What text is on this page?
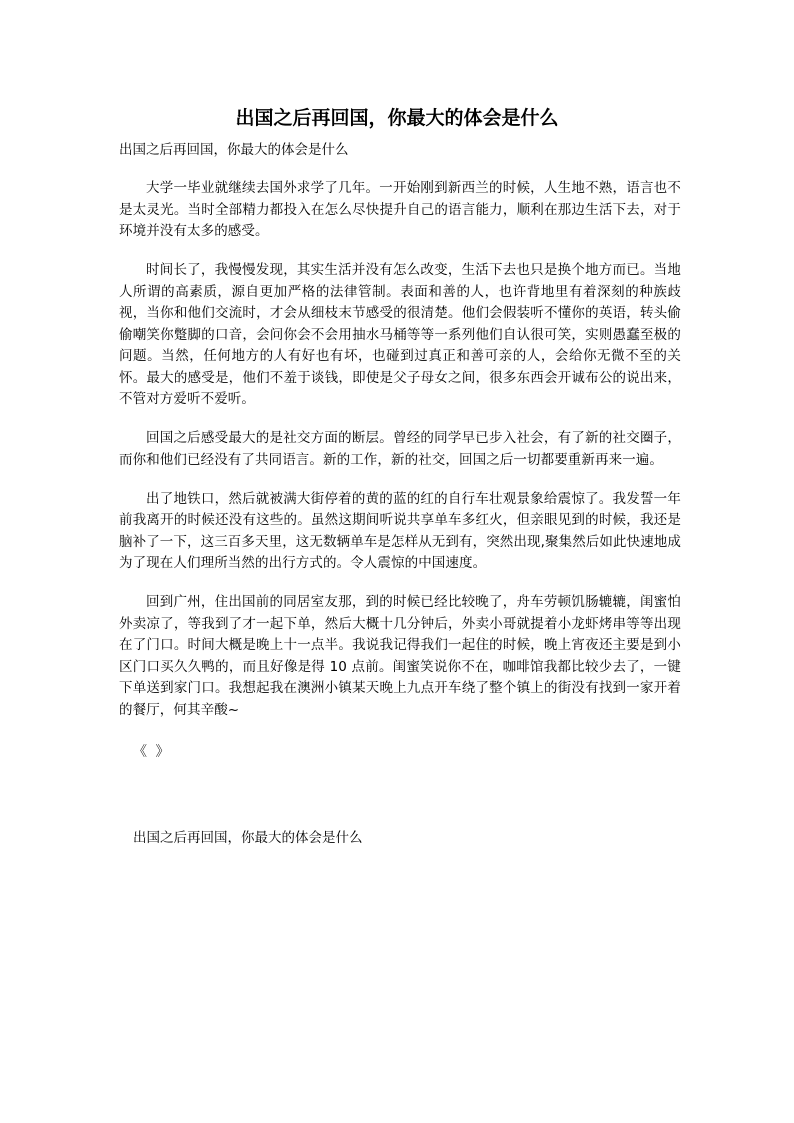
出国之后再回国，你最大的体会是什么

出国之后再回国，你最大的体会是什么

大学一毕业就继续去国外求学了几年。一开始刚到新西兰的时候，人生地不熟，语言也不是太灵光。当时全部精力都投入在怎么尽快提升自己的语言能力，顺利在那边生活下去，对于环境并没有太多的感受。

时间长了，我慢慢发现，其实生活并没有怎么改变，生活下去也只是换个地方而已。当地人所谓的高素质，源自更加严格的法律管制。表面和善的人，也许背地里有着深刻的种族歧视，当你和他们交流时，才会从细枝末节感受的很清楚。他们会假装听不懂你的英语，转头偷偷嘲笑你蹩脚的口音，会问你会不会用抽水马桶等等一系列他们自认很可笑，实则愚蠢至极的问题。当然，任何地方的人有好也有坏，也碰到过真正和善可亲的人，会给你无微不至的关怀。最大的感受是，他们不羞于谈钱，即使是父子母女之间，很多东西会开诚布公的说出来，不管对方爱听不爱听。

回国之后感受最大的是社交方面的断层。曾经的同学早已步入社会，有了新的社交圈子，而你和他们已经没有了共同语言。新的工作，新的社交，回国之后一切都要重新再来一遍。

出了地铁口，然后就被满大街停着的黄的蓝的红的自行车壮观景象给震惊了。我发誓一年前我离开的时候还没有这些的。虽然这期间听说共享单车多红火，但亲眼见到的时候，我还是脑补了一下，这三百多天里，这无数辆单车是怎样从无到有，突然出现,聚集然后如此快速地成为了现在人们理所当然的出行方式的。令人震惊的中国速度。

回到广州，住出国前的同居室友那，到的时候已经比较晚了，舟车劳顿饥肠辘辘，闺蜜怕外卖凉了，等我到了才一起下单，然后大概十几分钟后，外卖小哥就提着小龙虾烤串等等出现在了门口。时间大概是晚上十一点半。我说我记得我们一起住的时候，晚上宵夜还主要是到小区门口买久久鸭的，而且好像是得 10 点前。闺蜜笑说你不在，咖啡馆我都比较少去了，一键下单送到家门口。我想起我在澳洲小镇某天晚上九点开车绕了整个镇上的街没有找到一家开着的餐厅，何其辛酸~

《 》

出国之后再回国，你最大的体会是什么
